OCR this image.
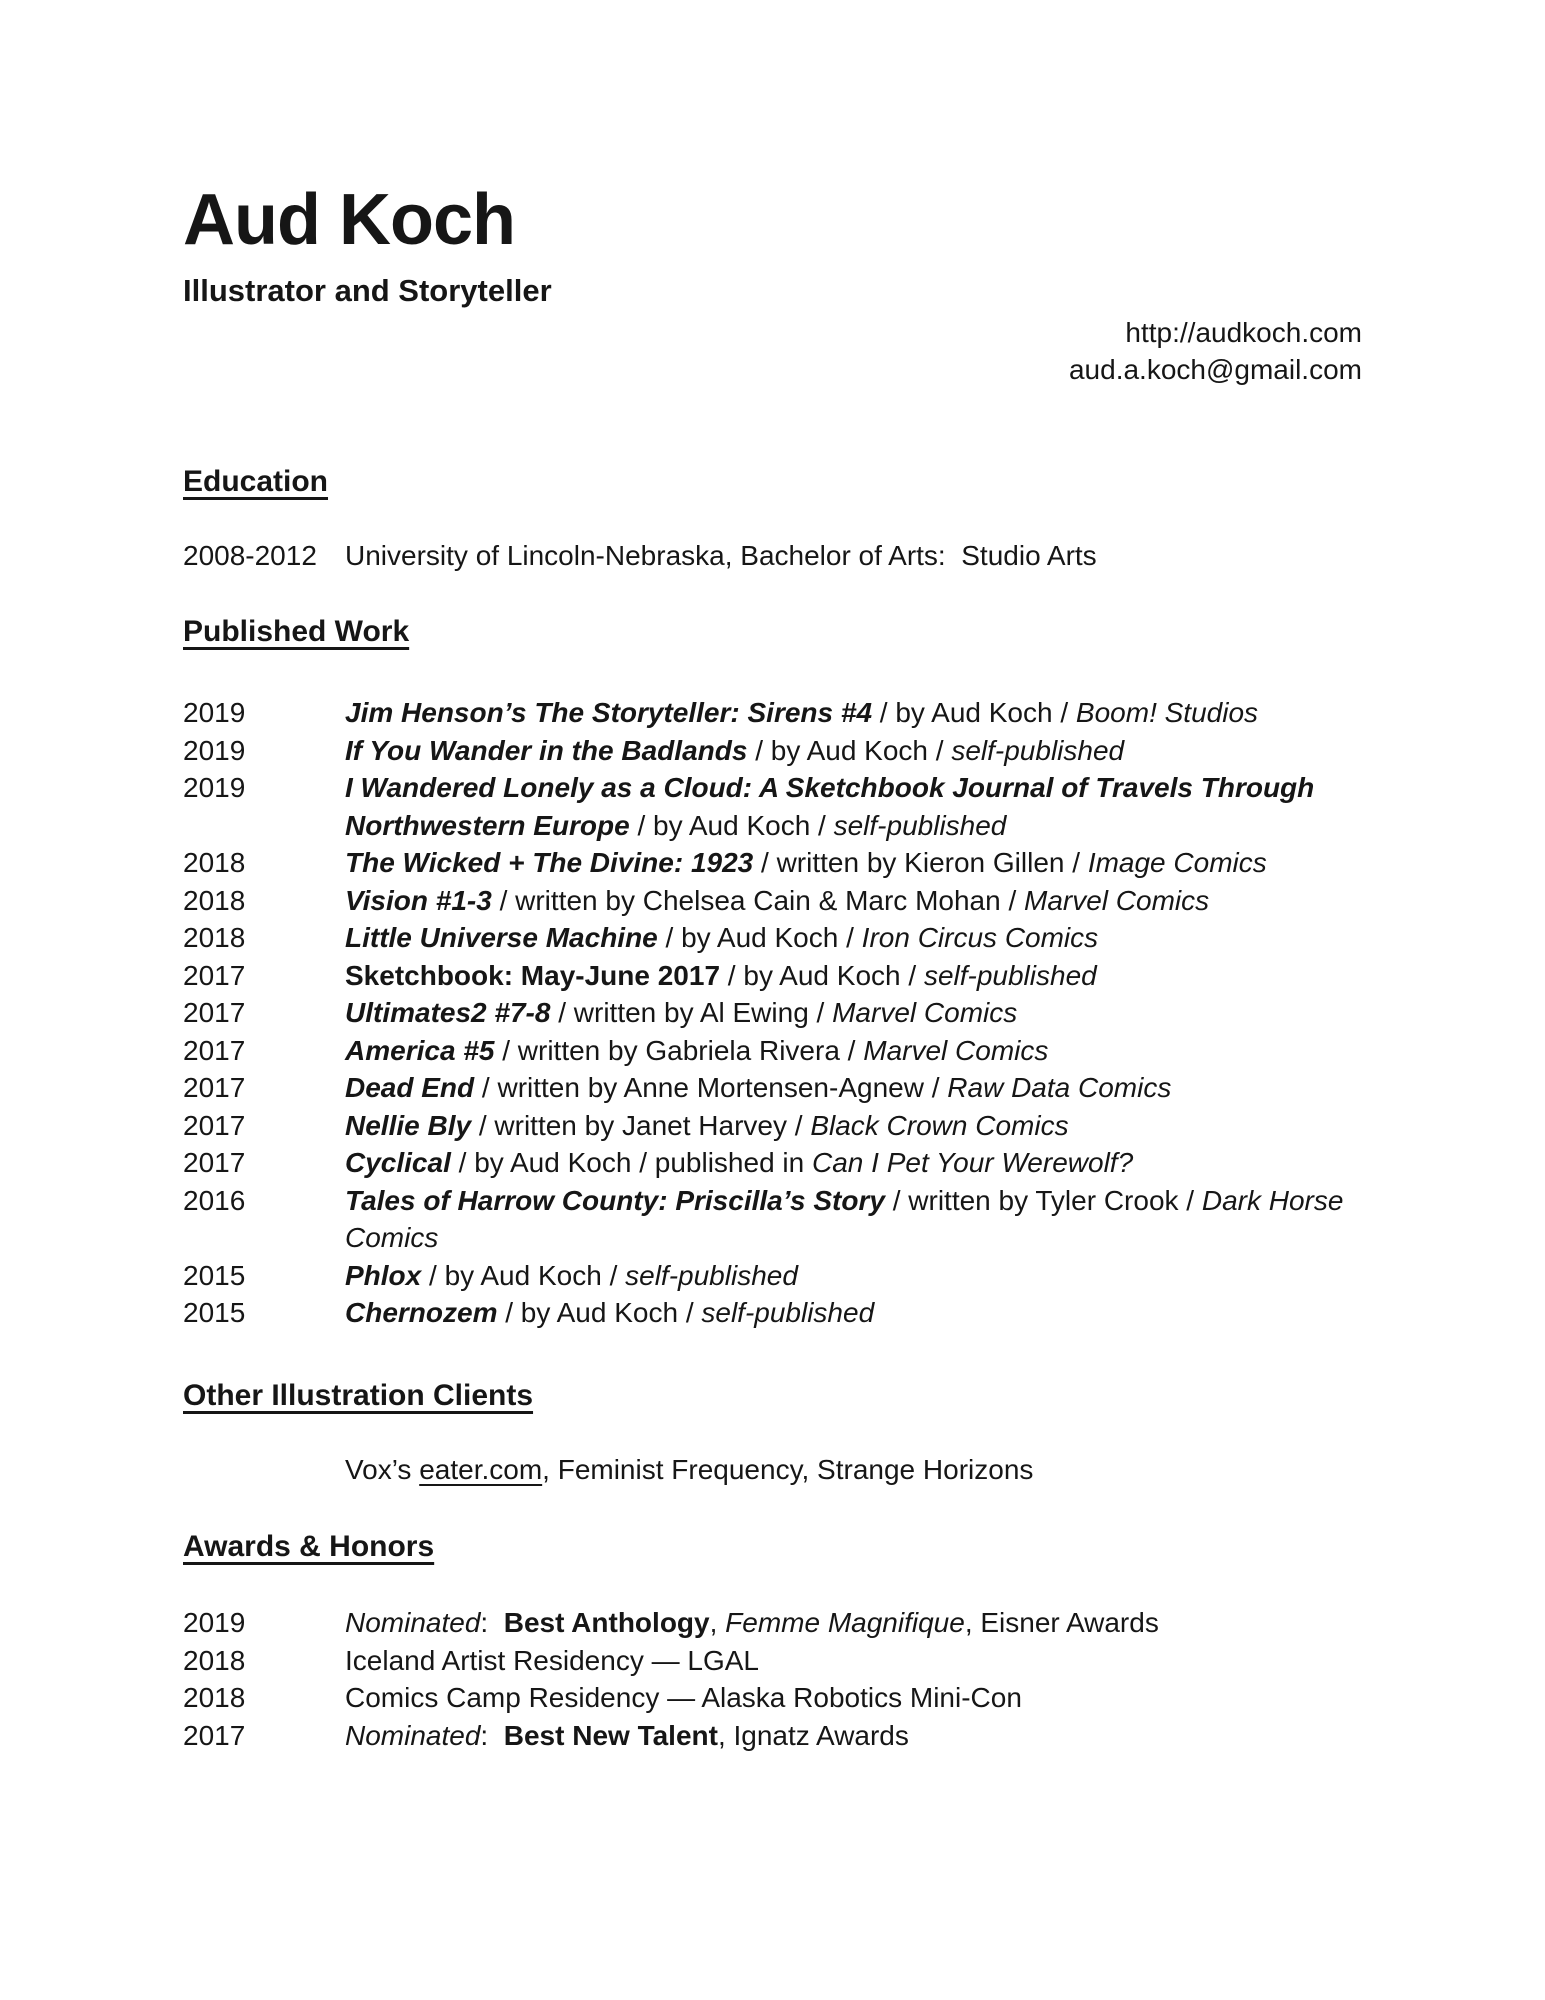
Aud Koch
Illustrator and Storyteller
http://audkoch.com
aud.a.koch@gmail.com
Education
2008-2012	University of Lincoln-Nebraska, Bachelor of Arts:  Studio Arts
Published Work
2019	Jim Henson’s The Storyteller: Sirens #4 / by Aud Koch / Boom! Studios
2019	If You Wander in the Badlands / by Aud Koch / self-published
2019	I Wandered Lonely as a Cloud: A Sketchbook Journal of Travels Through
Northwestern Europe / by Aud Koch / self-published
2018	The Wicked + The Divine: 1923 / written by Kieron Gillen / Image Comics
2018	Vision #1-3 / written by Chelsea Cain & Marc Mohan / Marvel Comics
2018	Little Universe Machine / by Aud Koch / Iron Circus Comics
2017	Sketchbook: May-June 2017 / by Aud Koch / self-published
2017	Ultimates2 #7-8 / written by Al Ewing / Marvel Comics
2017	America #5 / written by Gabriela Rivera / Marvel Comics
2017	Dead End / written by Anne Mortensen-Agnew / Raw Data Comics
2017	Nellie Bly / written by Janet Harvey / Black Crown Comics
2017	Cyclical / by Aud Koch / published in Can I Pet Your Werewolf?
2016	Tales of Harrow County: Priscilla’s Story / written by Tyler Crook / Dark Horse
Comics
2015	Phlox / by Aud Koch / self-published
2015	Chernozem / by Aud Koch / self-published
Other Illustration Clients
Vox’s eater.com, Feminist Frequency, Strange Horizons
Awards & Honors
2019	Nominated:  Best Anthology, Femme Magnifique, Eisner Awards
2018	Iceland Artist Residency — LGAL
2018	Comics Camp Residency — Alaska Robotics Mini-Con
2017	Nominated:  Best New Talent, Ignatz Awards
